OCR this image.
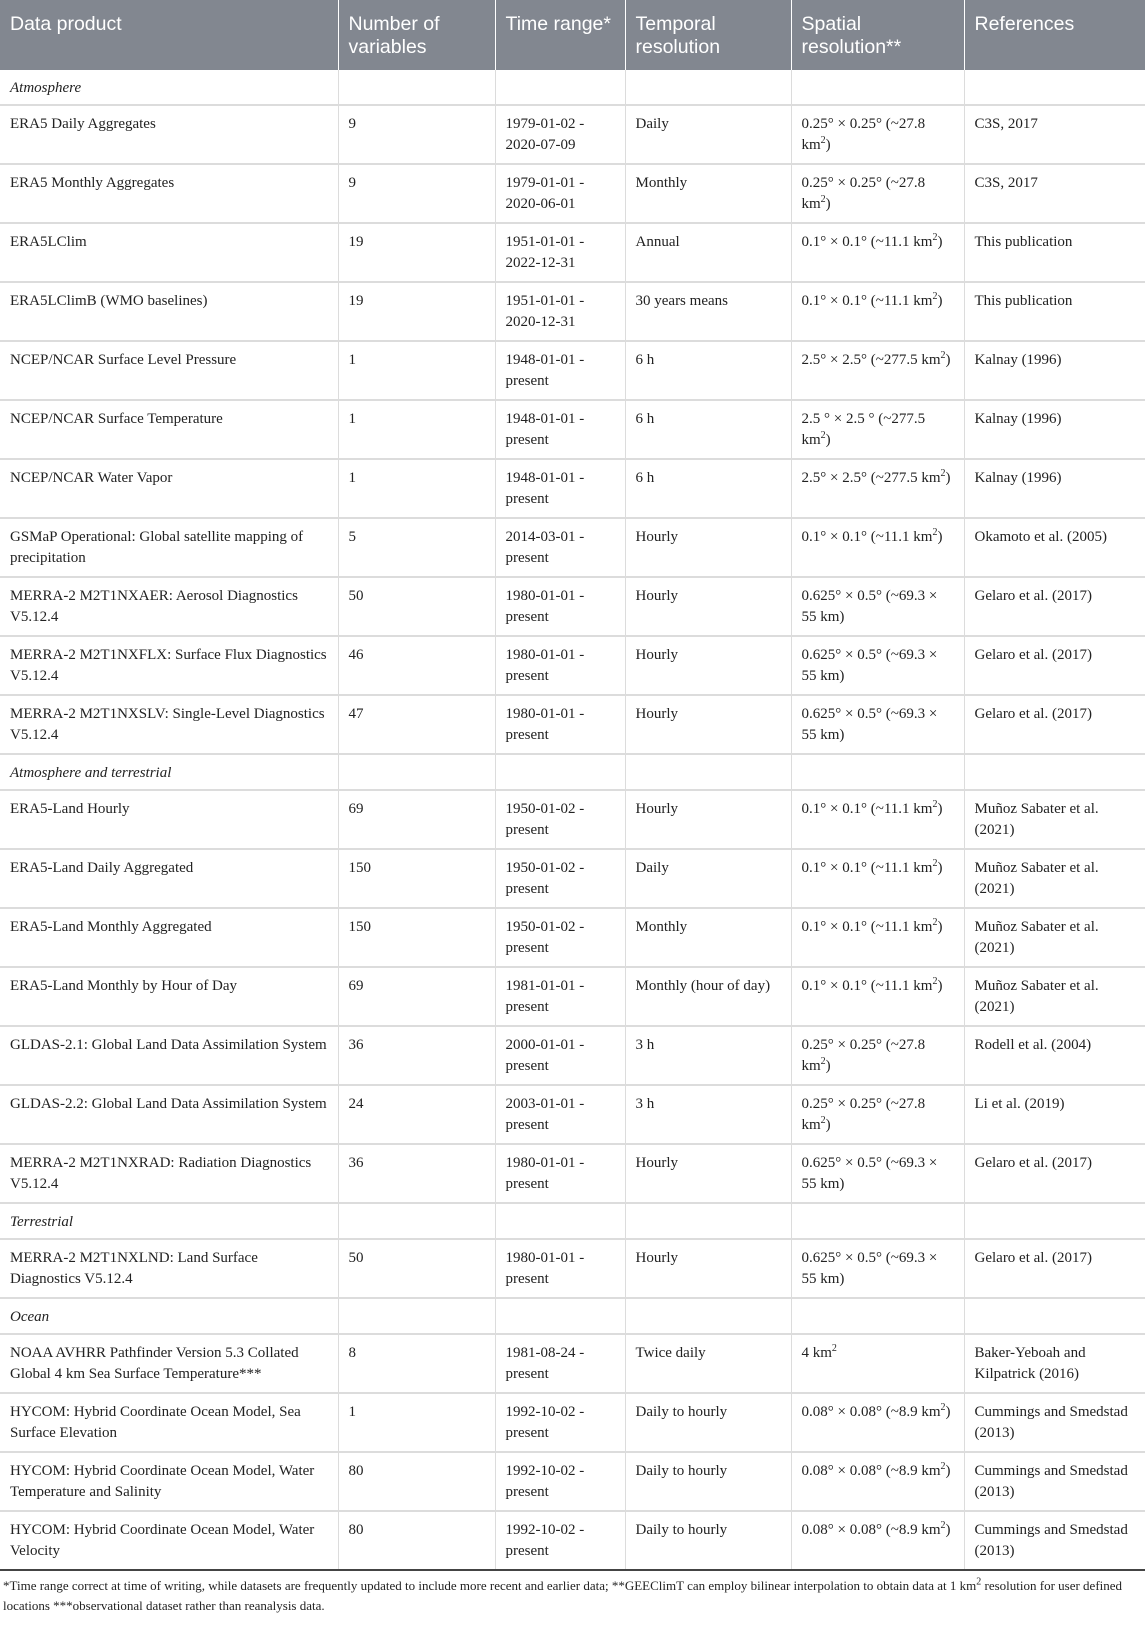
Data product	Number of variables	Time range*	Temporal resolution	Spatial resolution**	References
Atmosphere					
ERA5 Daily Aggregates	9	1979-01-02 - 2020-07-09	Daily	0.25° × 0.25° (~27.8 $km^2$)	C3S, 2017
ERA5 Monthly Aggregates	9	1979-01-01 - 2020-06-01	Monthly	0.25° × 0.25° (~27.8 $km^2$)	C3S, 2017
ERA5LClim	19	1951-01-01 - 2022-12-31	Annual	0.1° × 0.1° (~11.1 $km^2$)	This publication
ERA5LClimB (WMO baselines)	19	1951-01-01 - 2020-12-31	30 years means	0.1° × 0.1° (~11.1 $km^2$)	This publication
NCEP/NCAR Surface Level Pressure	1	1948-01-01 - present	6 h	2.5° × 2.5° (~277.5 $km^2$)	Kalnay (1996)
NCEP/NCAR Surface Temperature	1	1948-01-01 - present	6 h	2.5 ° × 2.5 ° (~277.5 $km^2$)	Kalnay (1996)
NCEP/NCAR Water Vapor	1	1948-01-01 - present	6 h	2.5° × 2.5° (~277.5 $km^2$)	Kalnay (1996)
GSMaP Operational: Global satellite mapping of precipitation	5	2014-03-01 - present	Hourly	0.1° × 0.1° (~11.1 $km^2$)	Okamoto et al. (2005)
MERRA-2 M2T1NXAER: Aerosol Diagnostics V5.12.4	50	1980-01-01 - present	Hourly	0.625° × 0.5° (~69.3 × 55 km)	Gelaro et al. (2017)
MERRA-2 M2T1NXFLX: Surface Flux Diagnostics V5.12.4	46	1980-01-01 - present	Hourly	0.625° × 0.5° (~69.3 × 55 km)	Gelaro et al. (2017)
MERRA-2 M2T1NXSLV: Single-Level Diagnostics V5.12.4	47	1980-01-01 - present	Hourly	0.625° × 0.5° (~69.3 × 55 km)	Gelaro et al. (2017)
Atmosphere and terrestrial					
ERA5-Land Hourly	69	1950-01-02 - present	Hourly	0.1° × 0.1° (~11.1 $km^2$)	Muñoz Sabater et al. (2021)
ERA5-Land Daily Aggregated	150	1950-01-02 - present	Daily	0.1° × 0.1° (~11.1 $km^2$)	Muñoz Sabater et al. (2021)
ERA5-Land Monthly Aggregated	150	1950-01-02 - present	Monthly	0.1° × 0.1° (~11.1 $km^2$)	Muñoz Sabater et al. (2021)
ERA5-Land Monthly by Hour of Day	69	1981-01-01 - present	Monthly (hour of day)	0.1° × 0.1° (~11.1 $km^2$)	Muñoz Sabater et al. (2021)
GLDAS-2.1: Global Land Data Assimilation System	36	2000-01-01 - present	3 h	0.25° × 0.25° (~27.8 $km^2$)	Rodell et al. (2004)
GLDAS-2.2: Global Land Data Assimilation System	24	2003-01-01 - present	3 h	0.25° × 0.25° (~27.8 $km^2$)	Li et al. (2019)
MERRA-2 M2T1NXRAD: Radiation Diagnostics V5.12.4	36	1980-01-01 - present	Hourly	0.625° × 0.5° (~69.3 × 55 km)	Gelaro et al. (2017)
Terrestrial					
MERRA-2 M2T1NXLND: Land Surface Diagnostics V5.12.4	50	1980-01-01 - present	Hourly	0.625° × 0.5° (~69.3 × 55 km)	Gelaro et al. (2017)
Ocean					
NOAA AVHRR Pathfinder Version 5.3 Collated Global 4 km Sea Surface Temperature***	8	1981-08-24 - present	Twice daily	4 $km^2$	Baker-Yeboah and Kilpatrick (2016)
HYCOM: Hybrid Coordinate Ocean Model, Sea Surface Elevation	1	1992-10-02 - present	Daily to hourly	0.08° × 0.08° (~8.9 $km^2$)	Cummings and Smedstad (2013)
HYCOM: Hybrid Coordinate Ocean Model, Water Temperature and Salinity	80	1992-10-02 - present	Daily to hourly	0.08° × 0.08° (~8.9 $km^2$)	Cummings and Smedstad (2013)
HYCOM: Hybrid Coordinate Ocean Model, Water Velocity	80	1992-10-02 - present	Daily to hourly	0.08° × 0.08° (~8.9 $km^2$)	Cummings and Smedstad (2013)
*Time range correct at time of writing, while datasets are frequently updated to include more recent and earlier data; **GEEClimT can employ bilinear interpolation to obtain data at 1 $km^2$ resolution for user defined locations ***observational dataset rather than reanalysis data.
